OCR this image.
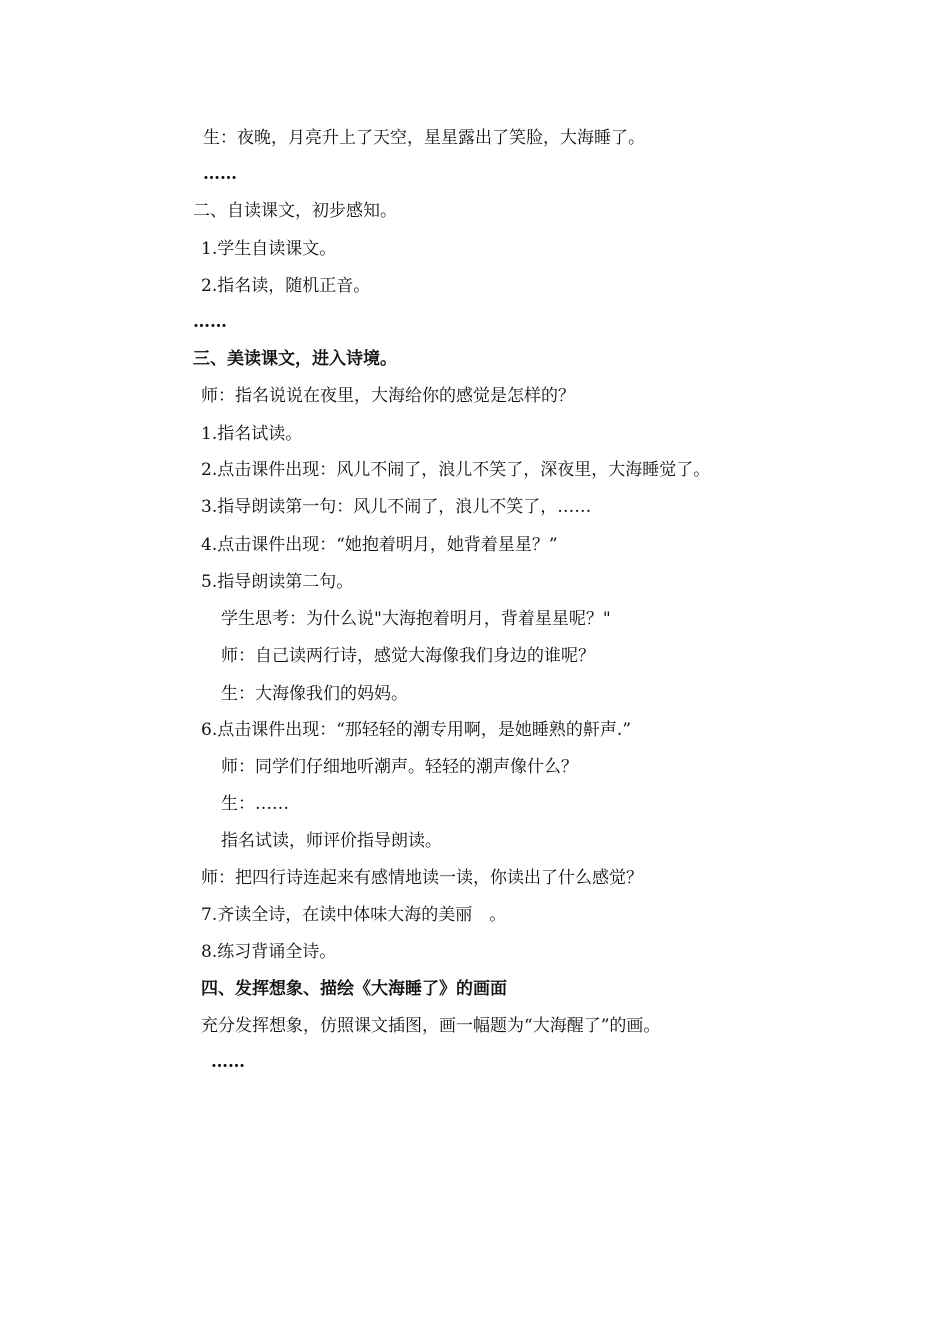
生：夜晚，月亮升上了天空，星星露出了笑脸，大海睡了。
……
二、自读课文，初步感知。
1.学生自读课文。
2.指名读，随机正音。
……
三、美读课文，进入诗境。
师：指名说说在夜里，大海给你的感觉是怎样的？
1.指名试读。
2.点击课件出现：风儿不闹了，浪儿不笑了，深夜里，大海睡觉了。
3.指导朗读第一句：风儿不闹了，浪儿不笑了，……
4.点击课件出现：“她抱着明月，她背着星星？”
5.指导朗读第二句。
学生思考：为什么说"大海抱着明月，背着星星呢？"
师：自己读两行诗，感觉大海像我们身边的谁呢？
生：大海像我们的妈妈。
6.点击课件出现：“那轻轻的潮专用啊，是她睡熟的鼾声.”
师：同学们仔细地听潮声。轻轻的潮声像什么？
生：……
指名试读，师评价指导朗读。
师：把四行诗连起来有感情地读一读，你读出了什么感觉？
7.齐读全诗，在读中体味大海的美丽　。
8.练习背诵全诗。
四、发挥想象、描绘《大海睡了》的画面
充分发挥想象，仿照课文插图，画一幅题为“大海醒了”的画。
……
